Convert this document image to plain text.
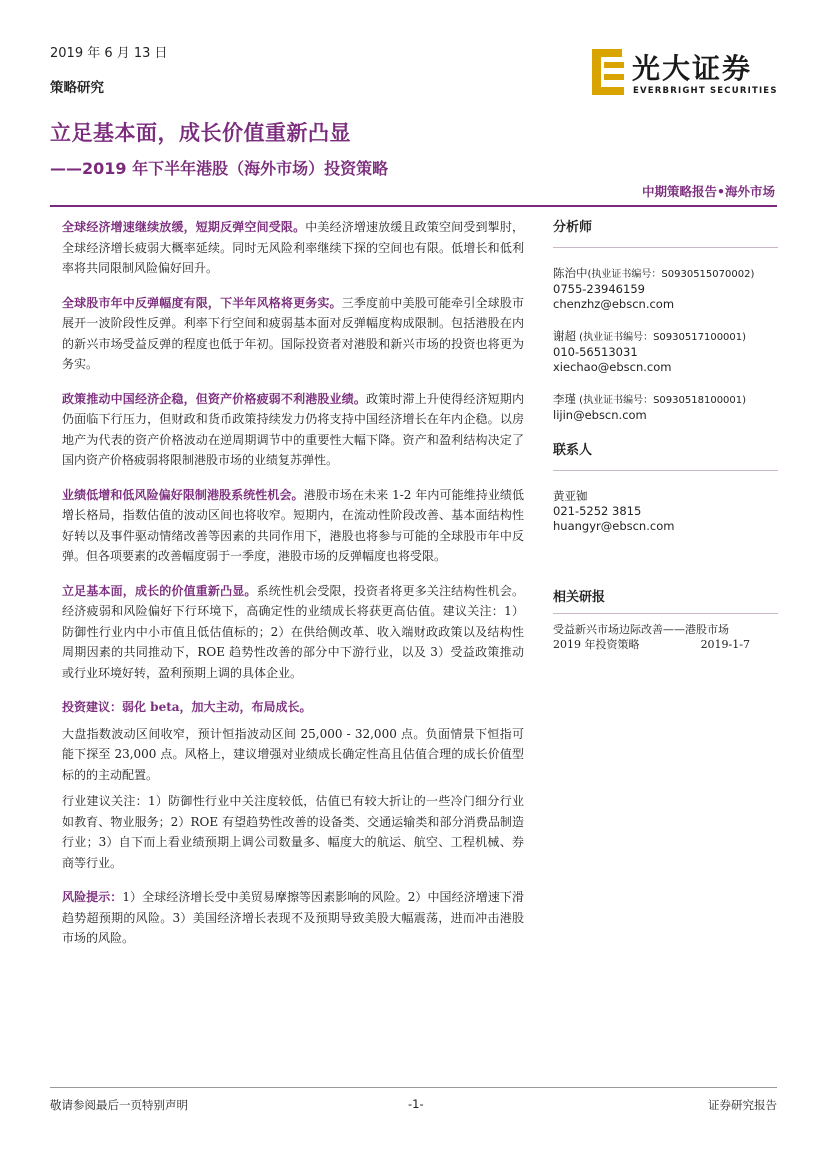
2019 年 6 月 13 日
策略研究
光大证券
EVERBRIGHT SECURITIES
立足基本面，成长价值重新凸显
——2019 年下半年港股（海外市场）投资策略
中期策略报告•海外市场

全球经济增速继续放缓，短期反弹空间受限。中美经济增速放缓且政策空间受到掣肘，全球经济增长疲弱大概率延续。同时无风险利率继续下探的空间也有限。低增长和低利率将共同限制风险偏好回升。

全球股市年中反弹幅度有限，下半年风格将更务实。三季度前中美股可能牵引全球股市展开一波阶段性反弹。利率下行空间和疲弱基本面对反弹幅度构成限制。包括港股在内的新兴市场受益反弹的程度也低于年初。国际投资者对港股和新兴市场的投资也将更为务实。

政策推动中国经济企稳，但资产价格疲弱不利港股业绩。政策时滞上升使得经济短期内仍面临下行压力，但财政和货币政策持续发力仍将支持中国经济增长在年内企稳。以房地产为代表的资产价格波动在逆周期调节中的重要性大幅下降。资产和盈利结构决定了国内资产价格疲弱将限制港股市场的业绩复苏弹性。

业绩低增和低风险偏好限制港股系统性机会。港股市场在未来 1-2 年内可能维持业绩低增长格局，指数估值的波动区间也将收窄。短期内，在流动性阶段改善、基本面结构性好转以及事件驱动情绪改善等因素的共同作用下，港股也将参与可能的全球股市年中反弹。但各项要素的改善幅度弱于一季度，港股市场的反弹幅度也将受限。

立足基本面，成长的价值重新凸显。系统性机会受限，投资者将更多关注结构性机会。经济疲弱和风险偏好下行环境下，高确定性的业绩成长将获更高估值。建议关注：1）防御性行业内中小市值且低估值标的；2）在供给侧改革、收入端财政政策以及结构性周期因素的共同推动下，ROE 趋势性改善的部分中下游行业，以及 3）受益政策推动或行业环境好转，盈利预期上调的具体企业。

投资建议：弱化 beta，加大主动，布局成长。

大盘指数波动区间收窄，预计恒指波动区间 25,000 - 32,000 点。负面情景下恒指可能下探至 23,000 点。风格上，建议增强对业绩成长确定性高且估值合理的成长价值型标的的主动配置。

行业建议关注：1）防御性行业中关注度较低，估值已有较大折让的一些冷门细分行业如教育、物业服务；2）ROE 有望趋势性改善的设备类、交通运输类和部分消费品制造行业；3）自下而上看业绩预期上调公司数量多、幅度大的航运、航空、工程机械、券商等行业。

风险提示：1）全球经济增长受中美贸易摩擦等因素影响的风险。2）中国经济增速下滑趋势超预期的风险。3）美国经济增长表现不及预期导致美股大幅震荡，进而冲击港股市场的风险。

分析师

陈治中(执业证书编号：S0930515070002)

0755-23946159

chenzhz@ebscn.com

谢超 (执业证书编号：S0930517100001)

010-56513031

xiechao@ebscn.com

李瑾 (执业证书编号：S0930518100001)

lijin@ebscn.com

联系人

黄亚铷

021-5252 3815

huangyr@ebscn.com

相关研报

受益新兴市场边际改善——港股市场

2019 年投资策略	2019-1-7

敬请参阅最后一页特别声明	-1-	证券研究报告
